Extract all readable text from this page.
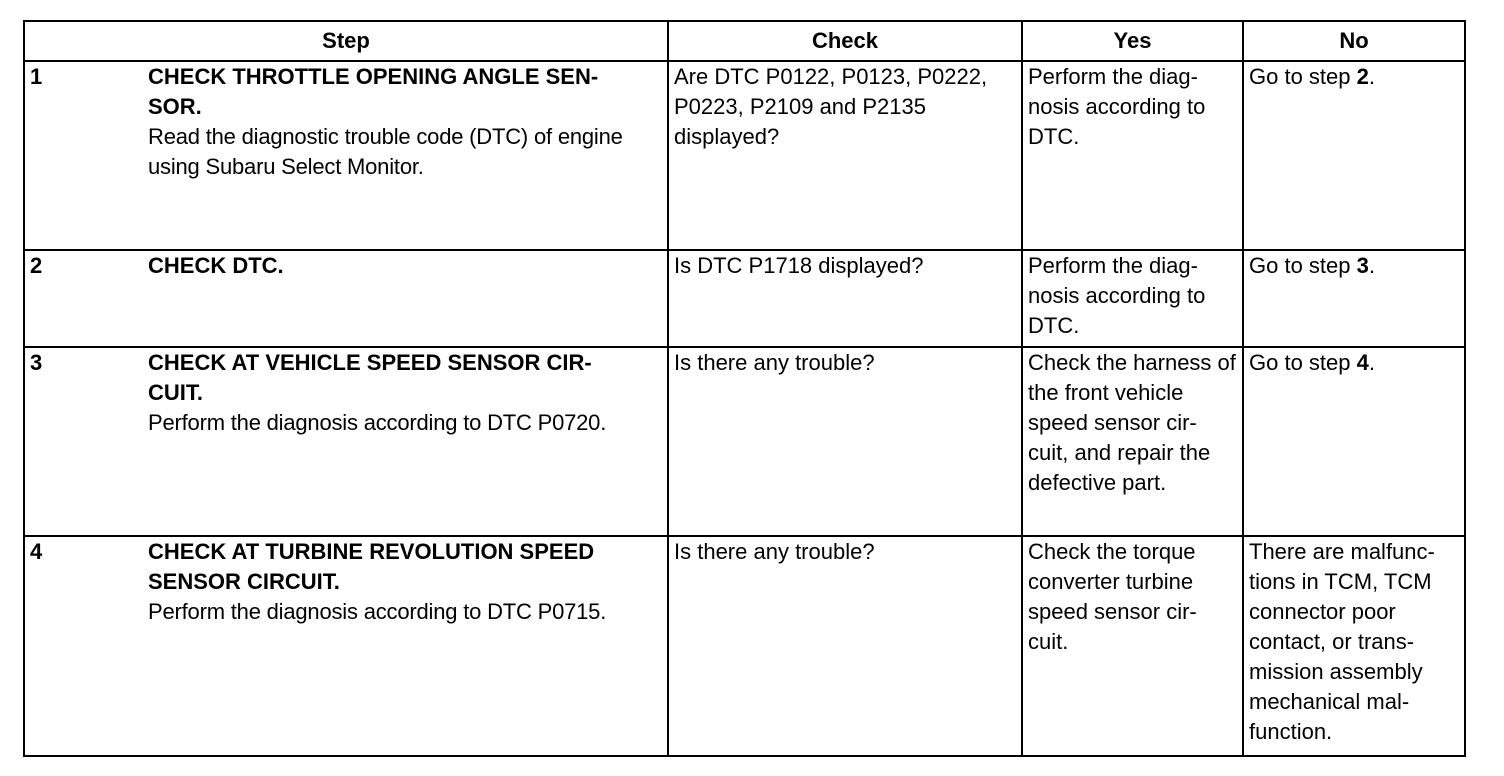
Step	Check	Yes	No

1 CHECK THROTTLE OPENING ANGLE SEN-
SOR.
Read the diagnostic trouble code (DTC) of engine using Subaru Select Monitor.	Are DTC P0122, P0123, P0222, P0223, P2109 and P2135 displayed?	Perform the diag- nosis according to DTC.	Go to step 2.

2 CHECK DTC.	Is DTC P1718 displayed?	Perform the diag- nosis according to DTC.	Go to step 3.

3 CHECK AT VEHICLE SPEED SENSOR CIR-
CUIT.
Perform the diagnosis according to DTC P0720.	Is there any trouble?	Check the harness of the front vehicle speed sensor cir- cuit, and repair the defective part.	Go to step 4.

4 CHECK AT TURBINE REVOLUTION SPEED
SENSOR CIRCUIT.
Perform the diagnosis according to DTC P0715.	Is there any trouble?	Check the torque converter turbine speed sensor cir- cuit.	There are malfunc- tions in TCM, TCM connector poor contact, or trans- mission assembly mechanical mal- function.
